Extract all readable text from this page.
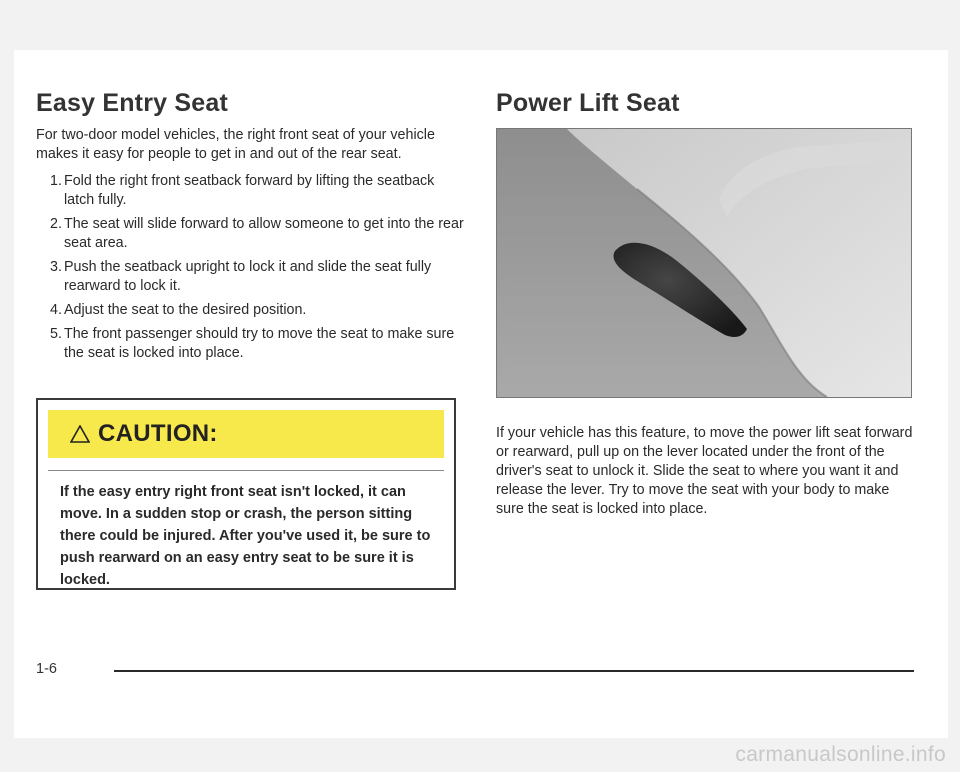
Easy Entry Seat

For two-door model vehicles, the right front seat of your vehicle makes it easy for people to get in and out of the rear seat.

1. Fold the right front seatback forward by lifting the seatback latch fully.
2. The seat will slide forward to allow someone to get into the rear seat area.
3. Push the seatback upright to lock it and slide the seat fully rearward to lock it.
4. Adjust the seat to the desired position.
5. The front passenger should try to move the seat to make sure the seat is locked into place.
CAUTION:
If the easy entry right front seat isn't locked, it can move. In a sudden stop or crash, the person sitting there could be injured. After you've used it, be sure to push rearward on an easy entry seat to be sure it is locked.
Power Lift Seat

If your vehicle has this feature, to move the power lift seat forward or rearward, pull up on the lever located under the front of the driver's seat to unlock it. Slide the seat to where you want it and release the lever. Try to move the seat with your body to make sure the seat is locked into place.

1-6
carmanualsonline.info
